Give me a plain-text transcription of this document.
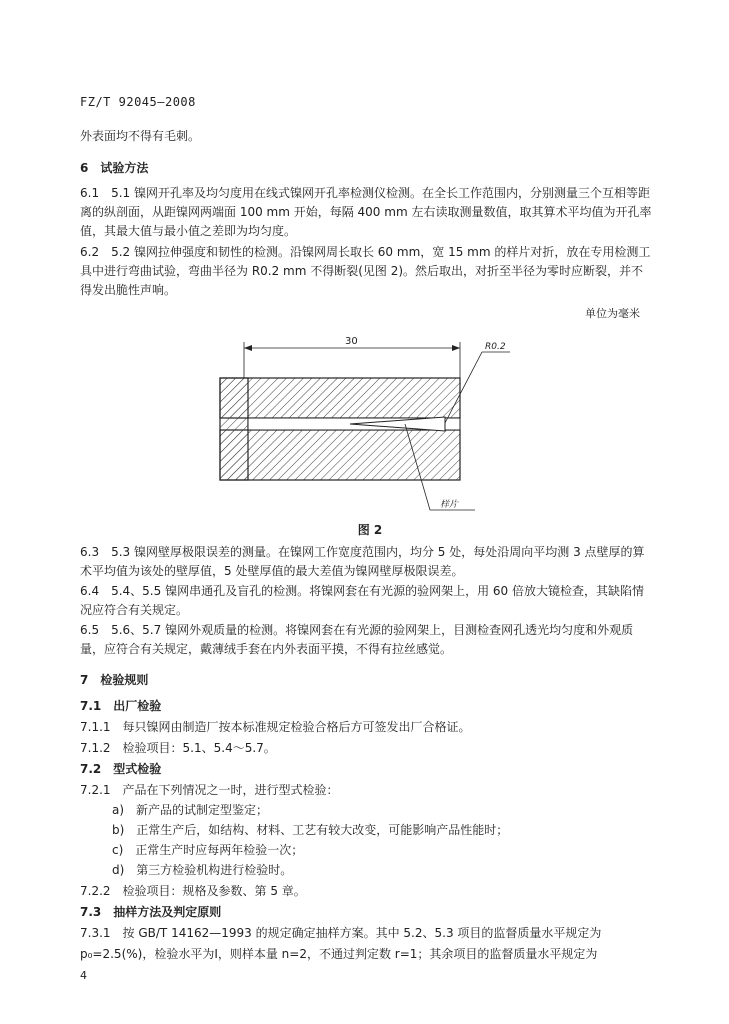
FZ/T 92045—2008
外表面均不得有毛刺。
6　试验方法
6.1　5.1 镍网开孔率及均匀度用在线式镍网开孔率检测仪检测。在全长工作范围内，分别测量三个互相等距离的纵剖面，从距镍网两端面 100 mm 开始，每隔 400 mm 左右读取测量数值，取其算术平均值为开孔率值，其最大值与最小值之差即为均匀度。
6.2　5.2 镍网拉伸强度和韧性的检测。沿镍网周长取长 60 mm，宽 15 mm 的样片对折，放在专用检测工具中进行弯曲试验，弯曲半径为 R0.2 mm 不得断裂(见图 2)。然后取出，对折至半径为零时应断裂，并不得发出脆性声响。
单位为毫米
30	R0.2
样片
图 2
6.3　5.3 镍网壁厚极限误差的测量。在镍网工作宽度范围内，均分 5 处，每处沿周向平均测 3 点壁厚的算术平均值为该处的壁厚值，5 处壁厚值的最大差值为镍网壁厚极限误差。
6.4　5.4、5.5 镍网串通孔及盲孔的检测。将镍网套在有光源的验网架上，用 60 倍放大镜检查，其缺陷情况应符合有关规定。
6.5　5.6、5.7 镍网外观质量的检测。将镍网套在有光源的验网架上，目测检查网孔透光均匀度和外观质量，应符合有关规定，戴薄绒手套在内外表面平摸，不得有拉丝感觉。
7　检验规则
7.1　出厂检验
7.1.1　每只镍网由制造厂按本标准规定检验合格后方可签发出厂合格证。
7.1.2　检验项目：5.1、5.4～5.7。
7.2　型式检验
7.2.1　产品在下列情况之一时，进行型式检验：
a)　新产品的试制定型鉴定；
b)　正常生产后，如结构、材料、工艺有较大改变，可能影响产品性能时；
c)　正常生产时应每两年检验一次；
d)　第三方检验机构进行检验时。
7.2.2　检验项目：规格及参数、第 5 章。
7.3　抽样方法及判定原则
7.3.1　按 GB/T 14162—1993 的规定确定抽样方案。其中 5.2、5.3 项目的监督质量水平规定为
p₀=2.5(%)，检验水平为Ⅰ，则样本量 n=2，不通过判定数 r=1；其余项目的监督质量水平规定为
4
